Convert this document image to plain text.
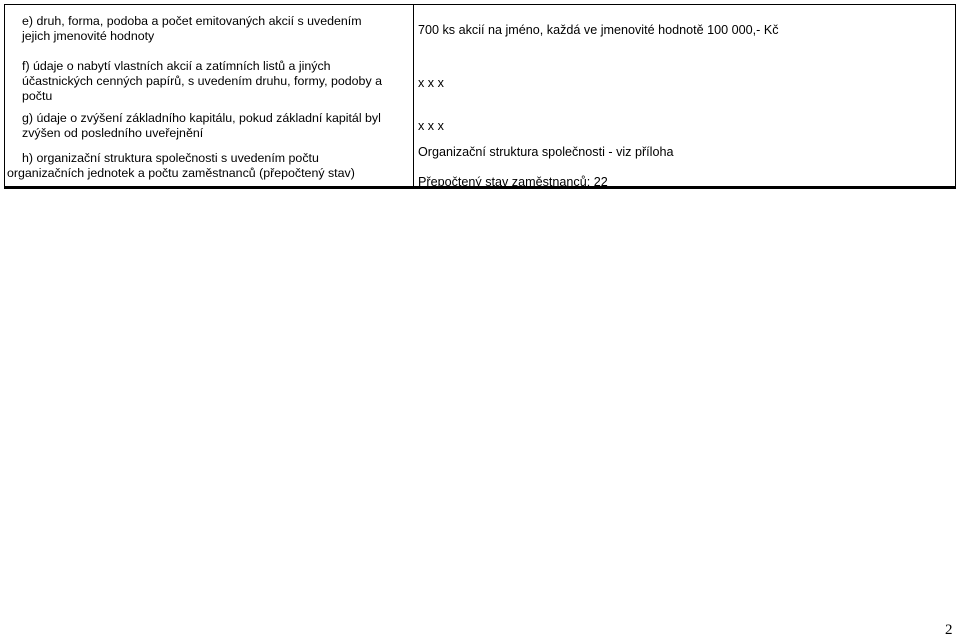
e) druh, forma, podoba a počet emitovaných akcií s uvedením
jejich jmenovité hodnoty	700 ks akcií na jméno, každá ve jmenovité hodnotě 100 000,- Kč
f) údaje o nabytí vlastních akcií a zatímních listů a jiných
účastnických cenných papírů, s uvedením druhu, formy, podoby a
počtu
x x x
g) údaje o zvýšení základního kapitálu, pokud základní kapitál byl
zvýšen od posledního uveřejnění	x x x
h) organizační struktura společnosti s uvedením počtu
organizačních jednotek a počtu zaměstnanců (přepočtený stav)
Organizační struktura společnosti - viz příloha
Přepočtený stav zaměstnanců: 22
2
